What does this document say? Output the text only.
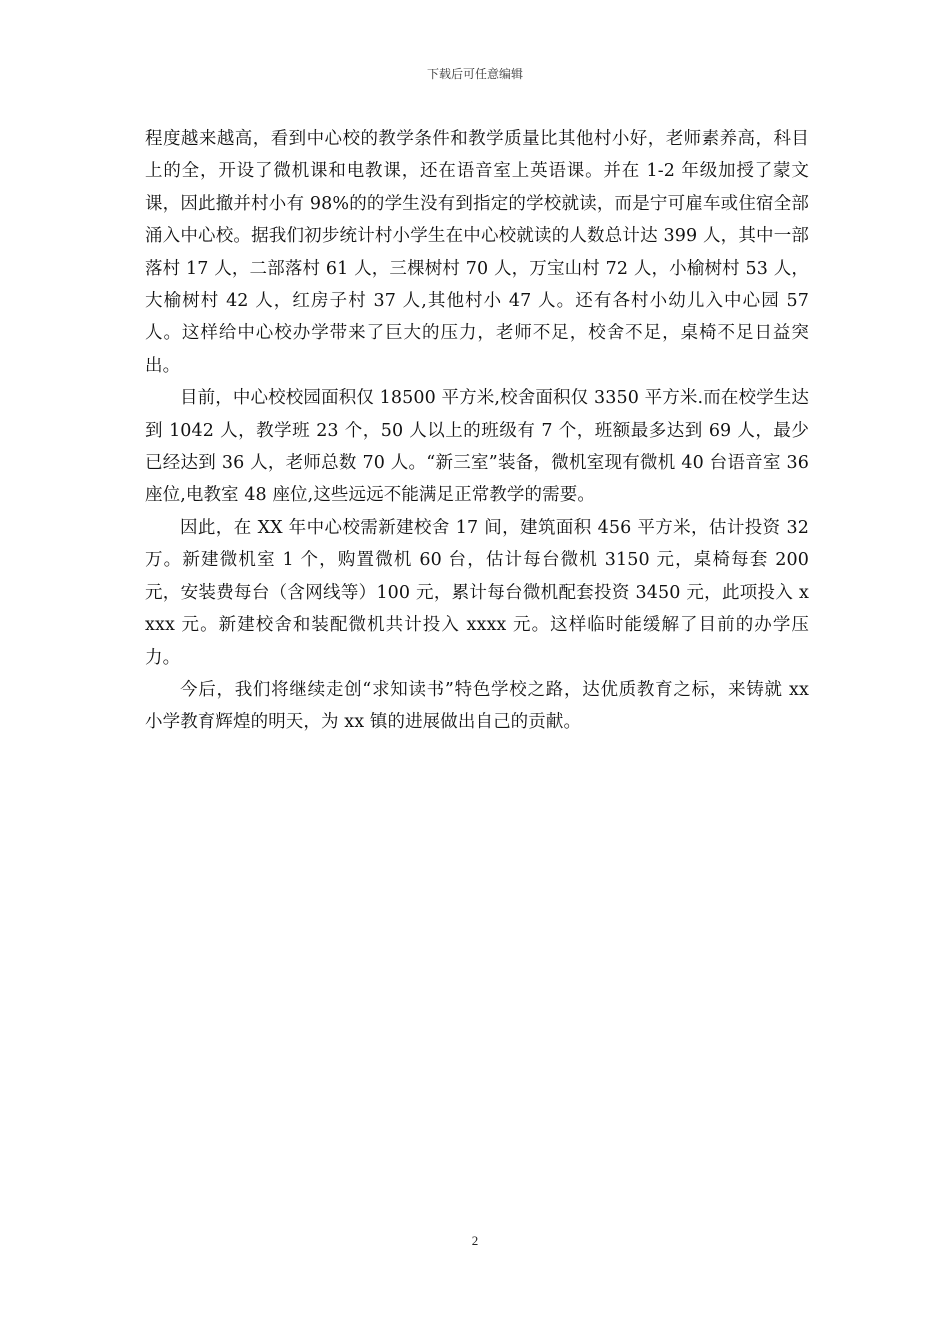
下载后可任意编辑

程度越来越高，看到中心校的教学条件和教学质量比其他村小好，老师素养高，科目上的全，开设了微机课和电教课，还在语音室上英语课。并在 1-2 年级加授了蒙文课，因此撤并村小有 98%的的学生没有到指定的学校就读，而是宁可雇车或住宿全部涌入中心校。据我们初步统计村小学生在中心校就读的人数总计达 399 人，其中一部落村 17 人，二部落村 61 人，三棵树村 70 人，万宝山村 72 人，小榆树村 53 人，大榆树村 42 人，红房子村 37 人,其他村小 47 人。还有各村小幼儿入中心园 57 人。这样给中心校办学带来了巨大的压力，老师不足，校舍不足，桌椅不足日益突出。

目前，中心校校园面积仅 18500 平方米,校舍面积仅 3350 平方米.而在校学生达到 1042 人，教学班 23 个，50 人以上的班级有 7 个，班额最多达到 69 人，最少已经达到 36 人，老师总数 70 人。“新三室”装备，微机室现有微机 40 台语音室 36 座位,电教室 48 座位,这些远远不能满足正常教学的需要。

因此，在 XX 年中心校需新建校舍 17 间，建筑面积 456 平方米，估计投资 32 万。新建微机室 1 个，购置微机 60 台，估计每台微机 3150 元，桌椅每套 200 元，安装费每台（含网线等）100 元，累计每台微机配套投资 3450 元，此项投入 xxxx 元。新建校舍和装配微机共计投入 xxxx 元。这样临时能缓解了目前的办学压力。

今后，我们将继续走创“求知读书”特色学校之路，达优质教育之标，来铸就 xx 小学教育辉煌的明天，为 xx 镇的进展做出自己的贡献。

2
